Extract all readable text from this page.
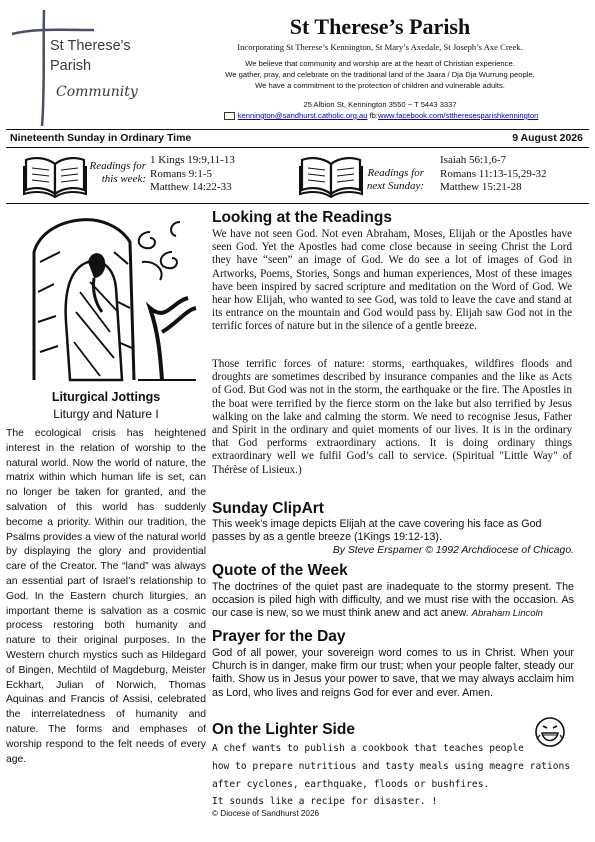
St Therese's
Parish
Community
St Therese’s Parish
Incorporating St Therese’s Kennington, St Mary’s Axedale, St Joseph’s Axe Creek.
We believe that community and worship are at the heart of Christian experience.
We gather, pray, and celebrate on the traditional land of the Jaara / Dja Dja Wurrung people.
We have a commitment to the protection of children and vulnerable adults.
25 Albion St, Kennington 3550 ~ T 5443 3337
kennington@sandhurst.catholic.org.au fb:www.facebook.com/sttheresesparishkennington
Nineteenth Sunday in Ordinary Time	9 August 2026
Readings for
this week:
1 Kings 19:9,11-13
Romans 9:1-5
Matthew 14:22-33
Readings for
next Sunday:
Isaiah 56:1,6-7
Romans 11:13-15,29-32
Matthew 15:21-28
Liturgical Jottings
Liturgy and Nature I
The ecological crisis has heightened interest in the relation of worship to the natural world. Now the world of nature, the matrix within which human life is set, can no longer be taken for granted, and the salvation of this world has suddenly become a priority. Within our tradition, the Psalms provides a view of the natural world by displaying the glory and providential care of the Creator. The “land” was always an essential part of Israel’s relationship to God. In the Eastern church liturgies, an important theme is salvation as a cosmic process restoring both humanity and nature to their original purposes. In the Western church mystics such as Hildegard of Bingen, Mechtild of Magdeburg, Meister Eckhart, Julian of Norwich, Thomas Aquinas and Francis of Assisi, celebrated the interrelatedness of humanity and nature. The forms and emphases of worship respond to the felt needs of every age.
Looking at the Readings
We have not seen God. Not even Abraham, Moses, Elijah or the Apostles have seen God. Yet the Apostles had come close because in seeing Christ the Lord they have “seen” an image of God. We do see a lot of images of God in Artworks, Poems, Stories, Songs and human experiences, Most of these images have been inspired by sacred scripture and meditation on the Word of God. We hear how Elijah, who wanted to see God, was told to leave the cave and stand at its entrance on the mountain and God would pass by. Elijah saw God not in the terrific forces of nature but in the silence of a gentle breeze.
Those terrific forces of nature: storms, earthquakes, wildfires floods and droughts are sometimes described by insurance companies and the like as Acts of God. But God was not in the storm, the earthquake or the fire. The Apostles in the boat were terrified by the fierce storm on the lake but also terrified by Jesus walking on the lake and calming the storm. We need to recognise Jesus, Father and Spirit in the ordinary and quiet moments of our lives. It is in the ordinary that God performs extraordinary actions. It is doing ordinary things extraordinary well we fulfil God’s call to service. (Spiritual "Little Way" of Thérèse of Lisieux.)
Sunday ClipArt
This week’s image depicts Elijah at the cave covering his face as God passes by as a gentle breeze (1Kings 19:12-13).
By Steve Erspamer © 1992 Archdiocese of Chicago.
Quote of the Week
The doctrines of the quiet past are inadequate to the stormy present. The occasion is piled high with difficulty, and we must rise with the occasion. As our case is new, so we must think anew and act anew. Abraham Lincoln
Prayer for the Day
God of all power, your sovereign word comes to us in Christ. When your Church is in danger, make firm our trust; when your people falter, steady our faith. Show us in Jesus your power to save, that we may always acclaim him as Lord, who lives and reigns God for ever and ever. Amen.
On the Lighter Side
A chef wants to publish a cookbook that teaches people
how to prepare nutritious and tasty meals using meagre rations
after cyclones, earthquake, floods or bushfires.
It sounds like a recipe for disaster. !
© Diocese of Sandhurst 2026
